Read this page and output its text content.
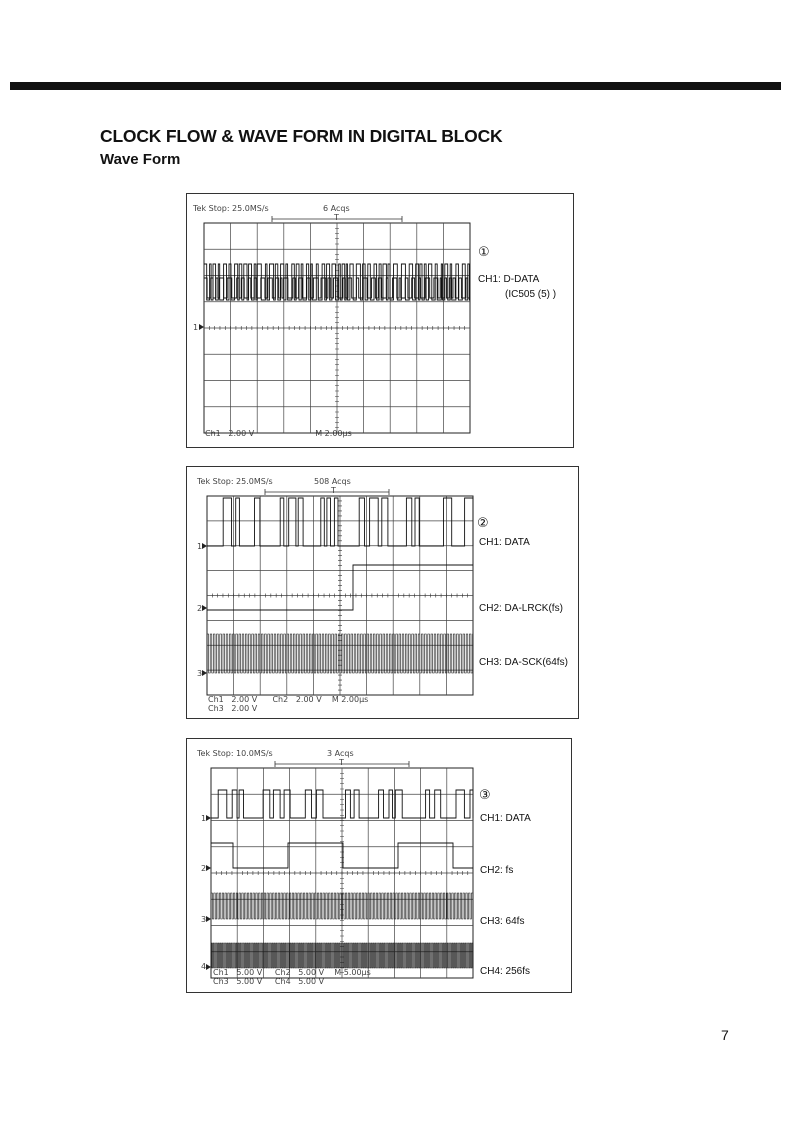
CLOCK FLOW & WAVE FORM IN DIGITAL BLOCK
Wave Form
Tek Stop: 25.0MS/s	6 Acqs
T
①
CH1: D-DATA
(IC505 (5) )
1
Ch1   2.00 V                        M 2.00µs
Tek Stop: 25.0MS/s	508 Acqs
T
②
CH1: DATA
CH2: DA-LRCK(fs)
CH3: DA-SCK(64fs)
1
2
3
Ch1   2.00 V      Ch2   2.00 V    M 2.00µs
Ch3   2.00 V
Tek Stop: 10.0MS/s	3 Acqs
T
③
CH1: DATA
CH2: fs
CH3: 64fs
CH4: 256fs
1
2
3
4
Ch1   5.00 V     Ch2   5.00 V    M 5.00µs
Ch3   5.00 V     Ch4   5.00 V
7
